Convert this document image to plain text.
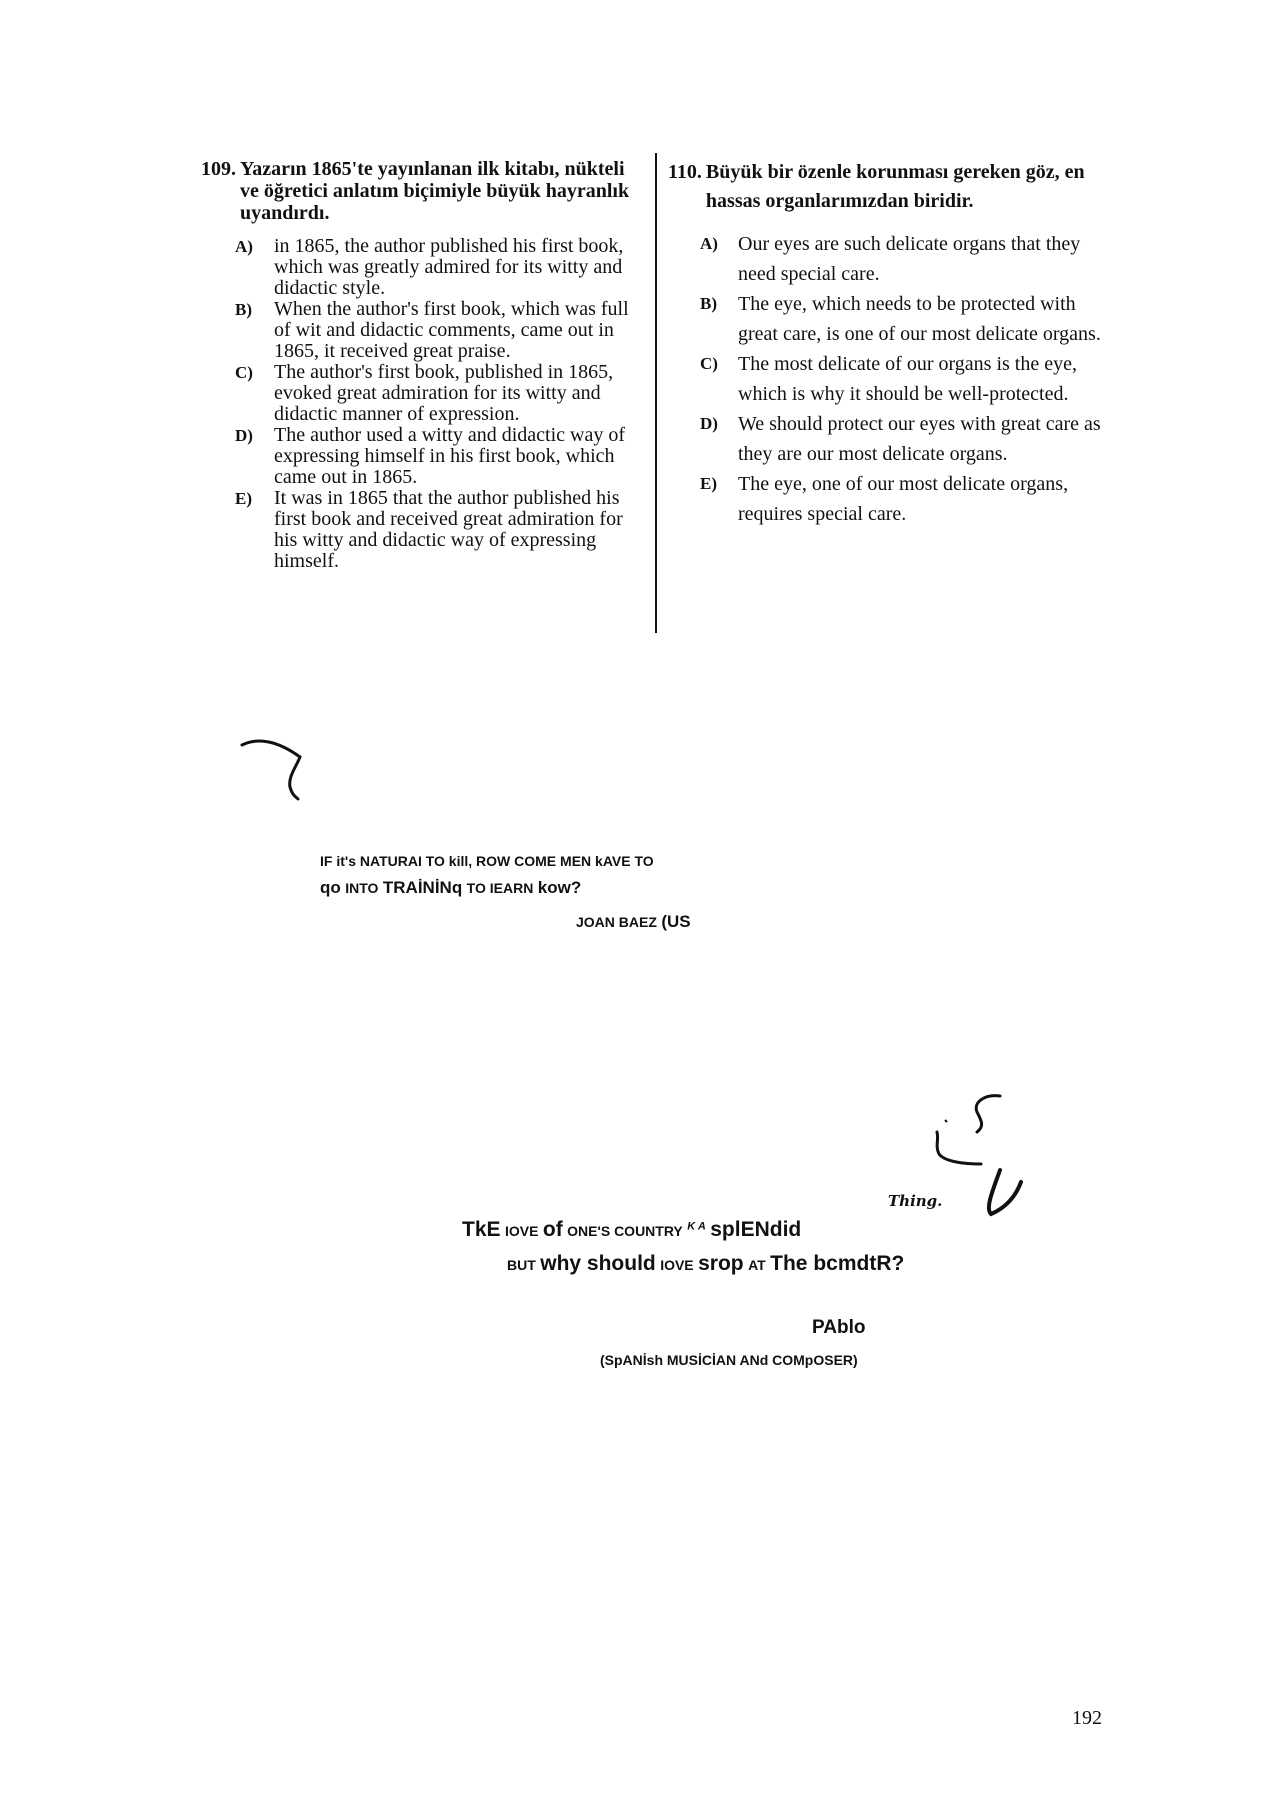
109. Yazarın 1865'te yayınlanan ilk kitabı, nükteli ve öğretici anlatım biçimiyle büyük hayranlık uyandırdı.
A)	in 1865, the author published his first book, which was greatly admired for its witty and didactic style.
B)	When the author's first book, which was full of wit and didactic comments, came out in 1865, it received great praise.
C)	The author's first book, published in 1865, evoked great admiration for its witty and didactic manner of expression.
D)	The author used a witty and didactic way of expressing himself in his first book, which came out in 1865.
E)	It was in 1865 that the author published his first book and received great admiration for his witty and didactic way of expressing himself.
110. Büyük bir özenle korunması gereken göz, en hassas organlarımızdan biridir.
A)	Our eyes are such delicate organs that they need special care.
B)	The eye, which needs to be protected with great care, is one of our most delicate organs.
C)	The most delicate of our organs is the eye, which is why it should be well-protected.
D)	We should protect our eyes with great care as they are our most delicate organs.
E)	The eye, one of our most delicate organs, requires special care.
IF it's NATURAI TO kill, ROW COME MEN kAVE TO
qo INTO TRAİNİNq TO IEARN kow?
JOAN BAEZ (US
Thing.
TkE IOVE of ONE'S COUNTRY $^{K A}$ splENdid
BUT why should IOVE srop AT The bcmdtR?
PAblo
(SpANİsh MUSİCİAN ANd COMpOSER)
192
